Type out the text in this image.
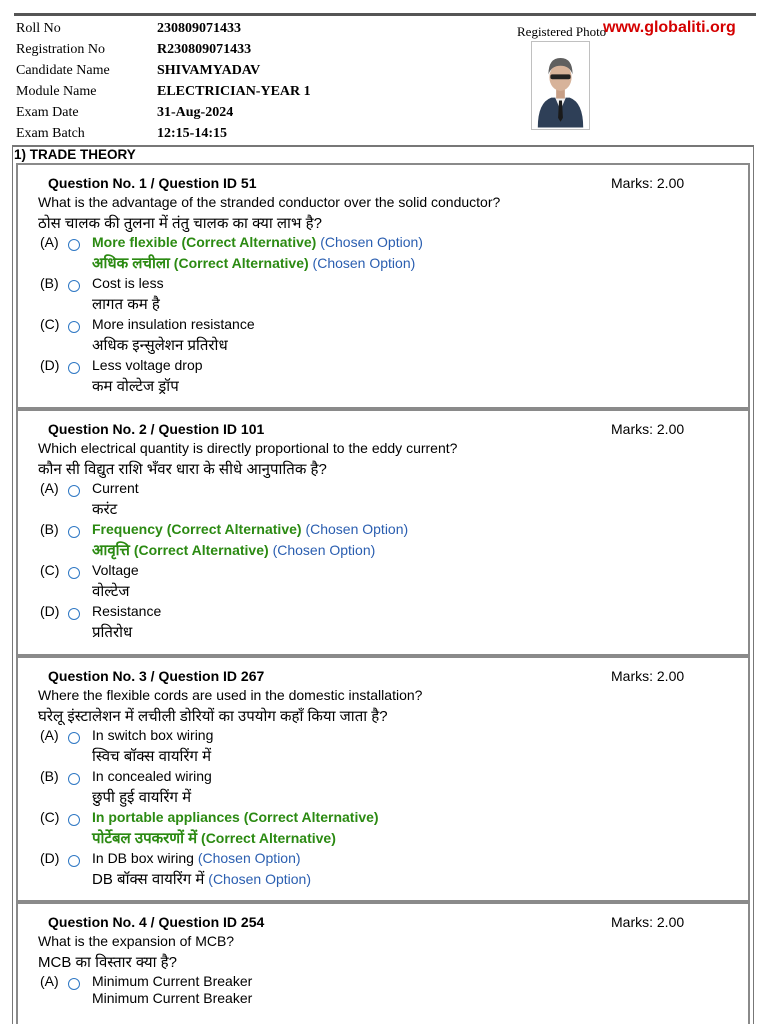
Roll No	230809071433
Registration No	R230809071433
Candidate Name	SHIVAMYADAV
Module Name	ELECTRICIAN-YEAR 1
Exam Date	31-Aug-2024
Exam Batch	12:15-14:15
Registered Photo
www.globaliti.org
1) TRADE THEORY
Question No. 1 / Question ID 51	Marks: 2.00
What is the advantage of the stranded conductor over the solid conductor?
ठोस चालक की तुलना में तंतु चालक का क्या लाभ है?
(A) More flexible (Correct Alternative) (Chosen Option)
अधिक लचीला (Correct Alternative) (Chosen Option)
(B) Cost is less
लागत कम है
(C) More insulation resistance
अधिक इन्सुलेशन प्रतिरोध
(D) Less voltage drop
कम वोल्टेज ड्रॉप
Question No. 2 / Question ID 101	Marks: 2.00
Which electrical quantity is directly proportional to the eddy current?
कौन सी विद्युत राशि भँवर धारा के सीधे आनुपातिक है?
(A) Current
करंट
(B) Frequency (Correct Alternative) (Chosen Option)
आवृत्ति (Correct Alternative) (Chosen Option)
(C) Voltage
वोल्टेज
(D) Resistance
प्रतिरोध
Question No. 3 / Question ID 267	Marks: 2.00
Where the flexible cords are used in the domestic installation?
घरेलू इंस्टालेशन में लचीली डोरियों का उपयोग कहाँ किया जाता है?
(A) In switch box wiring
स्विच बॉक्स वायरिंग में
(B) In concealed wiring
छुपी हुई वायरिंग में
(C) In portable appliances (Correct Alternative)
पोर्टेबल उपकरणों में (Correct Alternative)
(D) In DB box wiring (Chosen Option)
DB बॉक्स वायरिंग में (Chosen Option)
Question No. 4 / Question ID 254	Marks: 2.00
What is the expansion of MCB?
MCB का विस्तार क्या है?
(A) Minimum Current Breaker
Minimum Current Breaker
